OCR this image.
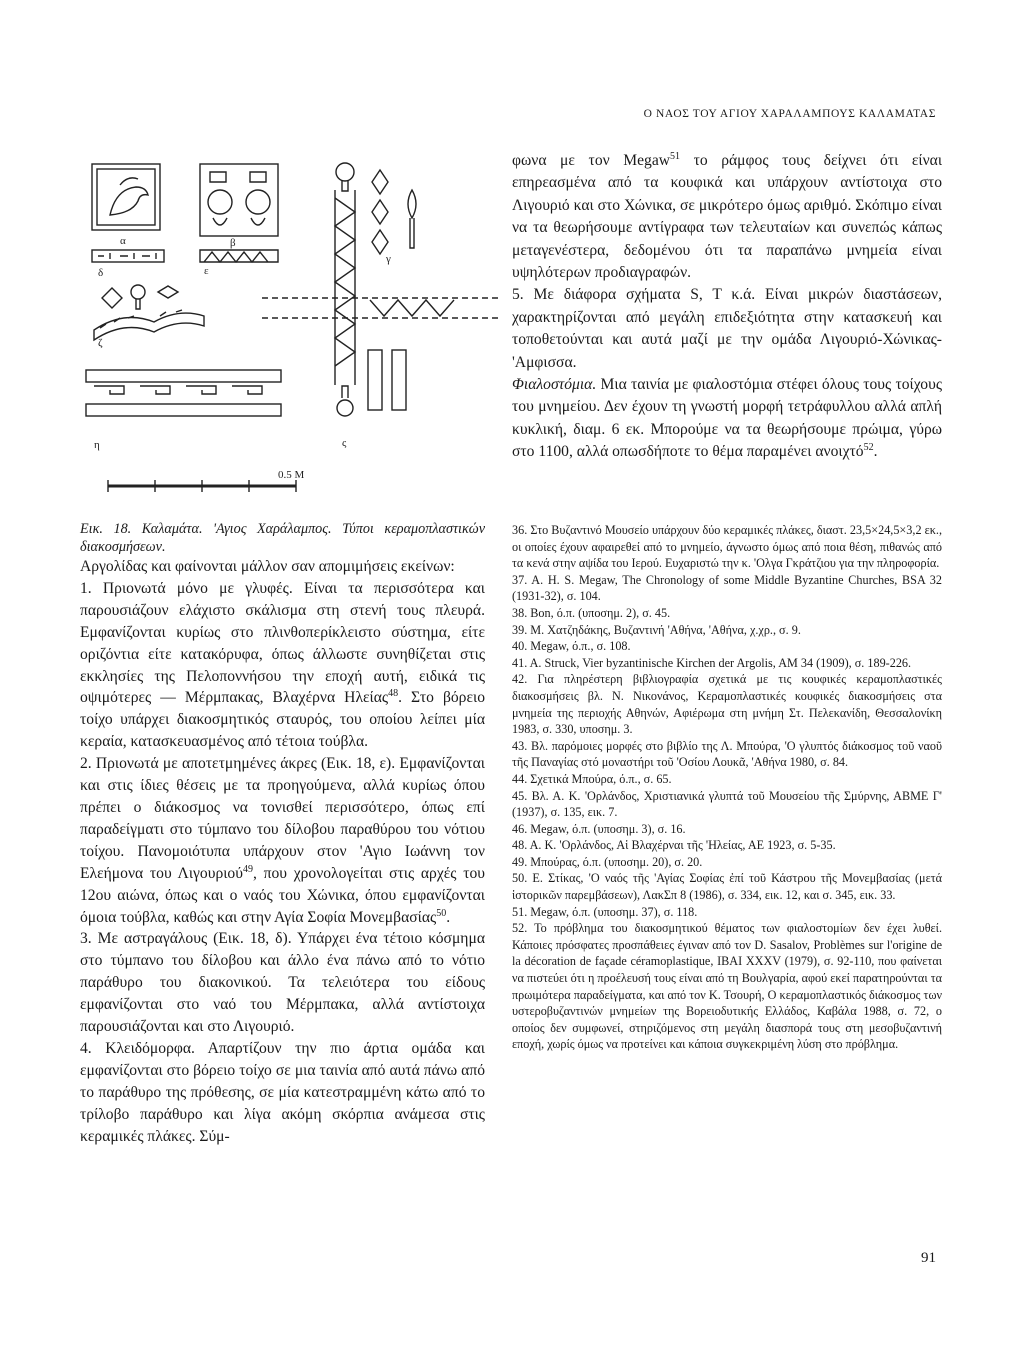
Ο ΝΑΟΣ ΤΟΥ ΑΓΙΟΥ ΧΑΡΑΛΑΜΠΟΥΣ ΚΑΛΑΜΑΤΑΣ
α	β
γ
δ	ε
ζ
η	ς
0.5 M

φωνα με τον Megaw$^{51}$ το ράμφος τους δείχνει ότι είναι επηρεασμένα από τα κουφικά και υπάρχουν αντίστοιχα στο Λιγουριό και στο Χώνικα, σε μικρότερο όμως αριθμό. Σκόπιμο είναι να τα θεωρήσουμε αντίγραφα των τελευταίων και συνεπώς κάπως μεταγενέστερα, δεδομένου ότι τα παραπάνω μνημεία είναι υψηλότερων προδιαγραφών.

5. Με διάφορα σχήματα S, T κ.ά. Είναι μικρών διαστάσεων, χαρακτηρίζονται από μεγάλη επιδεξιότητα στην κατασκευή και τοποθετούνται και αυτά μαζί με την ομάδα Λιγουριό-Χώνικας-'Αμφισσα.

Φιαλοστόμια. Μια ταινία με φιαλοστόμια στέφει όλους τους τοίχους του μνημείου. Δεν έχουν τη γνωστή μορφή τετράφυλλου αλλά απλή κυκλική, διαμ. 6 εκ. Μπορούμε να τα θεωρήσουμε πρώιμα, γύρω στο 1100, αλλά οπωσδήποτε το θέμα παραμένει ανοιχτό$^{52}$.

Εικ. 18. Καλαμάτα. 'Αγιος Χαράλαμπος. Τύποι κεραμοπλαστικών διακοσμήσεων.

Αργολίδας και φαίνονται μάλλον σαν απομιμήσεις εκείνων:

1. Πριονωτά μόνο με γλυφές. Είναι τα περισσότερα και παρουσιάζουν ελάχιστο σκάλισμα στη στενή τους πλευρά. Εμφανίζονται κυρίως στο πλινθοπερίκλειστο σύστημα, είτε οριζόντια είτε κατακόρυφα, όπως άλλωστε συνηθίζεται στις εκκλησίες της Πελοποννήσου την εποχή αυτή, ειδικά τις οψιμότερες — Μέρμπακας, Βλαχέρνα Ηλείας$^{48}$. Στο βόρειο τοίχο υπάρχει διακοσμητικός σταυρός, του οποίου λείπει μία κεραία, κατασκευασμένος από τέτοια τούβλα.

2. Πριονωτά με αποτετμημένες άκρες (Εικ. 18, ε). Εμφανίζονται και στις ίδιες θέσεις με τα προηγούμενα, αλλά κυρίως όπου πρέπει ο διάκοσμος να τονισθεί περισσότερο, όπως επί παραδείγματι στο τύμπανο του δίλοβου παραθύρου του νότιου τοίχου. Πανομοιότυπα υπάρχουν στον 'Αγιο Ιωάννη τον Ελεήμονα του Λιγουριού$^{49}$, που χρονολογείται στις αρχές του 12ου αιώνα, όπως και ο ναός του Χώνικα, όπου εμφανίζονται όμοια τούβλα, καθώς και στην Αγία Σοφία Μονεμβασίας$^{50}$.

3. Με αστραγάλους (Εικ. 18, δ). Υπάρχει ένα τέτοιο κόσμημα στο τύμπανο του δίλοβου και άλλο ένα πάνω από το νότιο παράθυρο του διακονικού. Τα τελειότερα του είδους εμφανίζονται στο ναό του Μέρμπακα, αλλά αντίστοιχα παρουσιάζονται και στο Λιγουριό.

4. Κλειδόμορφα. Απαρτίζουν την πιο άρτια ομάδα και εμφανίζονται στο βόρειο τοίχο σε μια ταινία από αυτά πάνω από το παράθυρο της πρόθεσης, σε μία κατεστραμμένη κάτω από το τρίλοβο παράθυρο και λίγα ακόμη σκόρπια ανάμεσα στις κεραμικές πλάκες. Σύμ-

36. Στο Βυζαντινό Μουσείο υπάρχουν δύο κεραμικές πλάκες, διαστ. 23,5×24,5×3,2 εκ., οι οποίες έχουν αφαιρεθεί από το μνημείο, άγνωστο όμως από ποια θέση, πιθανώς από τα κενά στην αψίδα του Ιερού. Ευχαριστώ την κ. 'Ολγα Γκράτζιου για την πληροφορία.

37. A. H. S. Megaw, The Chronology of some Middle Byzantine Churches, BSA 32 (1931-32), σ. 104.

38. Bon, ό.π. (υποσημ. 2), σ. 45.

39. Μ. Χατζηδάκης, Βυζαντινή 'Αθήνα, 'Αθήνα, χ.χρ., σ. 9.

40. Megaw, ό.π., σ. 108.

41. A. Struck, Vier byzantinische Kirchen der Argolis, AM 34 (1909), σ. 189-226.

42. Για πληρέστερη βιβλιογραφία σχετικά με τις κουφικές κεραμοπλαστικές διακοσμήσεις βλ. Ν. Νικονάνος, Κεραμοπλαστικές κουφικές διακοσμήσεις στα μνημεία της περιοχής Αθηνών, Αφιέρωμα στη μνήμη Στ. Πελεκανίδη, Θεσσαλονίκη 1983, σ. 330, υποσημ. 3.

43. Βλ. παρόμοιες μορφές στο βιβλίο της Λ. Μπούρα, 'Ο γλυπτός διάκοσμος τοῦ ναοῦ τῆς Παναγίας στό μοναστήρι τοῦ 'Οσίου Λουκᾶ, 'Αθήνα 1980, σ. 84.

44. Σχετικά Μπούρα, ό.π., σ. 65.

45. Βλ. Α. Κ. 'Ορλάνδος, Χριστιανικά γλυπτά τοῦ Μουσείου τῆς Σμύρνης, ΑΒΜΕ Γ' (1937), σ. 135, εικ. 7.

46. Megaw, ό.π. (υποσημ. 3), σ. 16.

48. Α. Κ. 'Ορλάνδος, Αἱ Βλαχέρναι τῆς 'Ηλείας, ΑΕ 1923, σ. 5-35.

49. Μπούρας, ό.π. (υποσημ. 20), σ. 20.

50. Ε. Στίκας, 'Ο ναός τῆς 'Αγίας Σοφίας ἐπί τοῦ Κάστρου τῆς Μονεμβασίας (μετά ἱστορικῶν παρεμβάσεων), ΛακΣπ 8 (1986), σ. 334, εικ. 12, και σ. 345, εικ. 33.

51. Megaw, ό.π. (υποσημ. 37), σ. 118.

52. Το πρόβλημα του διακοσμητικού θέματος των φιαλοστομίων δεν έχει λυθεί. Κάποιες πρόσφατες προσπάθειες έγιναν από τον D. Sasalov, Problèmes sur l'origine de la décoration de façade céramoplastique, IBAI XXXV (1979), σ. 92-110, που φαίνεται να πιστεύει ότι η προέλευσή τους είναι από τη Βουλγαρία, αφού εκεί παρατηρούνται τα πρωιμότερα παραδείγματα, και από τον Κ. Τσουρή, Ο κεραμοπλαστικός διάκοσμος των υστεροβυζαντινών μνημείων της Βορειοδυτικής Ελλάδος, Καβάλα 1988, σ. 72, ο οποίος δεν συμφωνεί, στηριζόμενος στη μεγάλη διασπορά τους στη μεσοβυζαντινή εποχή, χωρίς όμως να προτείνει και κάποια συγκεκριμένη λύση στο πρόβλημα.

91
